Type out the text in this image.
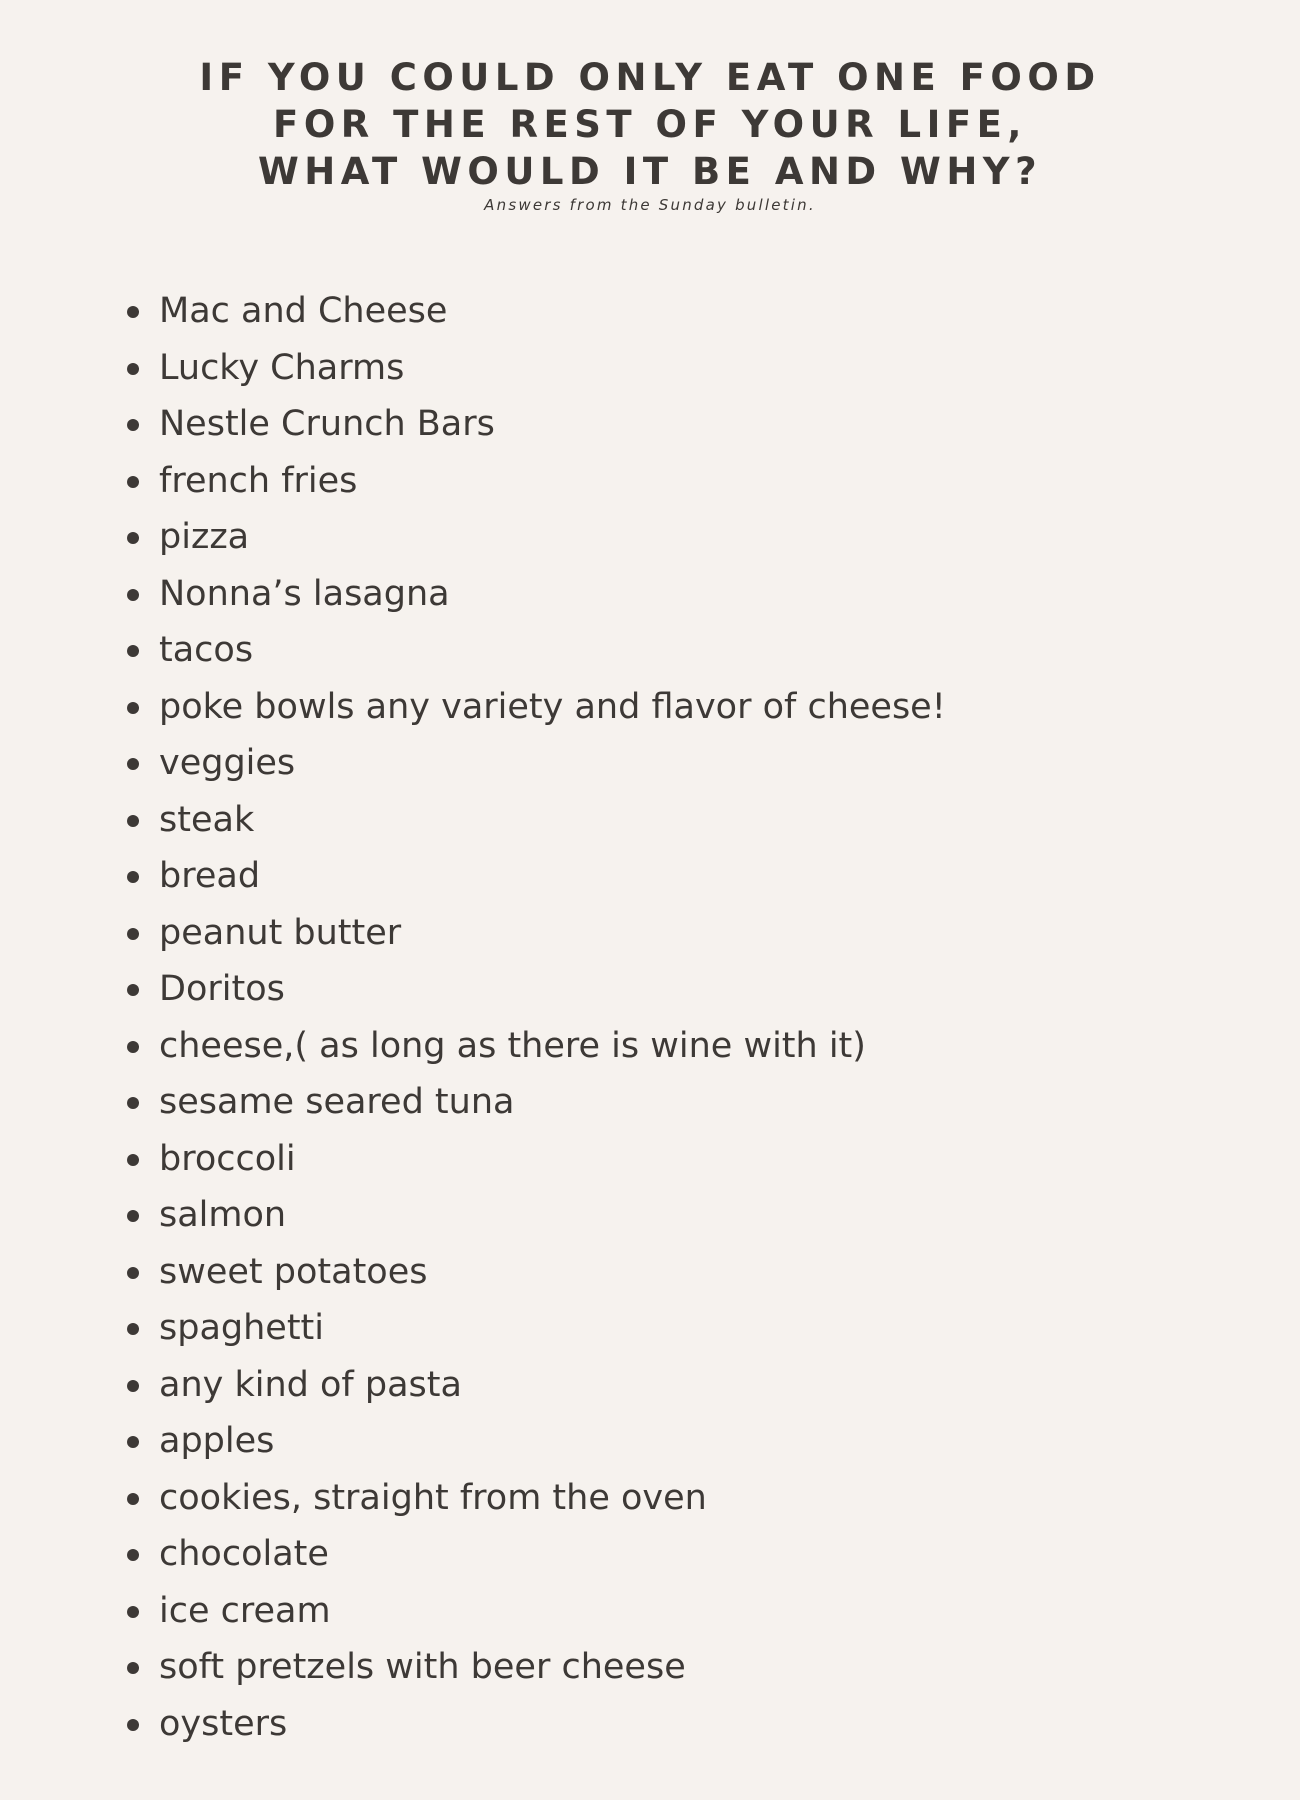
IF YOU COULD ONLY EAT ONE FOOD
FOR THE REST OF YOUR LIFE,
WHAT WOULD IT BE AND WHY?
Answers from the Sunday bulletin.
Mac and Cheese
Lucky Charms
Nestle Crunch Bars
french fries
pizza
Nonna’s lasagna
tacos
poke bowls any variety and flavor of cheese!
veggies
steak
bread
peanut butter
Doritos
cheese,( as long as there is wine with it)
sesame seared tuna
broccoli
salmon
sweet potatoes
spaghetti
any kind of pasta
apples
cookies, straight from the oven
chocolate
ice cream
soft pretzels with beer cheese
oysters
